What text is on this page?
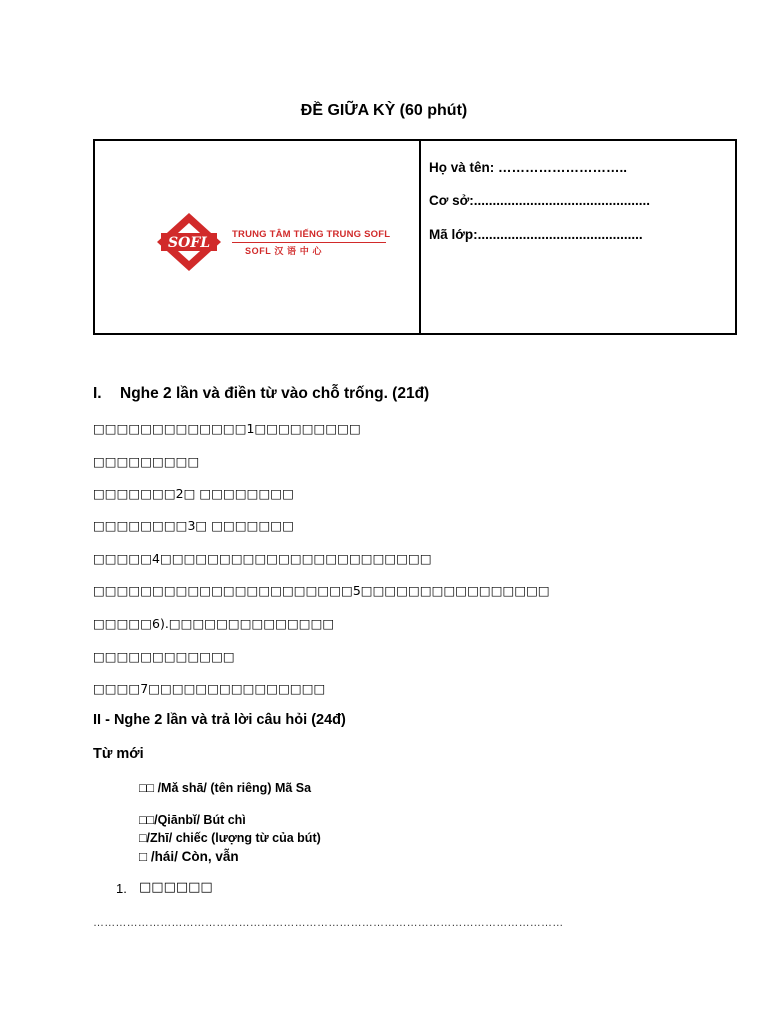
ĐỀ GIỮA KỲ (60 phút)
SOFL
TRUNG TÂM TIẾNG TRUNG SOFL
SOFL 汉 语 中 心
Họ và tên: ………………………..
Cơ sở:...............................................
Mã lớp:............................................
I. Nghe 2 lần và điền từ vào chỗ trống. (21đ)
□□□□□□□□□□□□□1□□□□□□□□□
□□□□□□□□□
□□□□□□□2□ □□□□□□□□
□□□□□□□□3□ □□□□□□□
□□□□□4□□□□□□□□□□□□□□□□□□□□□□□
□□□□□□□□□□□□□□□□□□□□□□5□□□□□□□□□□□□□□□□
□□□□□6).□□□□□□□□□□□□□□
□□□□□□□□□□□□
□□□□7□□□□□□□□□□□□□□□
II - Nghe 2 lần và trả lời câu hỏi (24đ)
Từ mới
□□ /Mǎ shā/ (tên riêng) Mã Sa
□□/Qiānbǐ/ Bút chì
□/Zhī/ chiếc (lượng từ của bút)
□ /hái/ Còn, vẫn
1. □□□□□□
………………………………………………………………………………………………………………
